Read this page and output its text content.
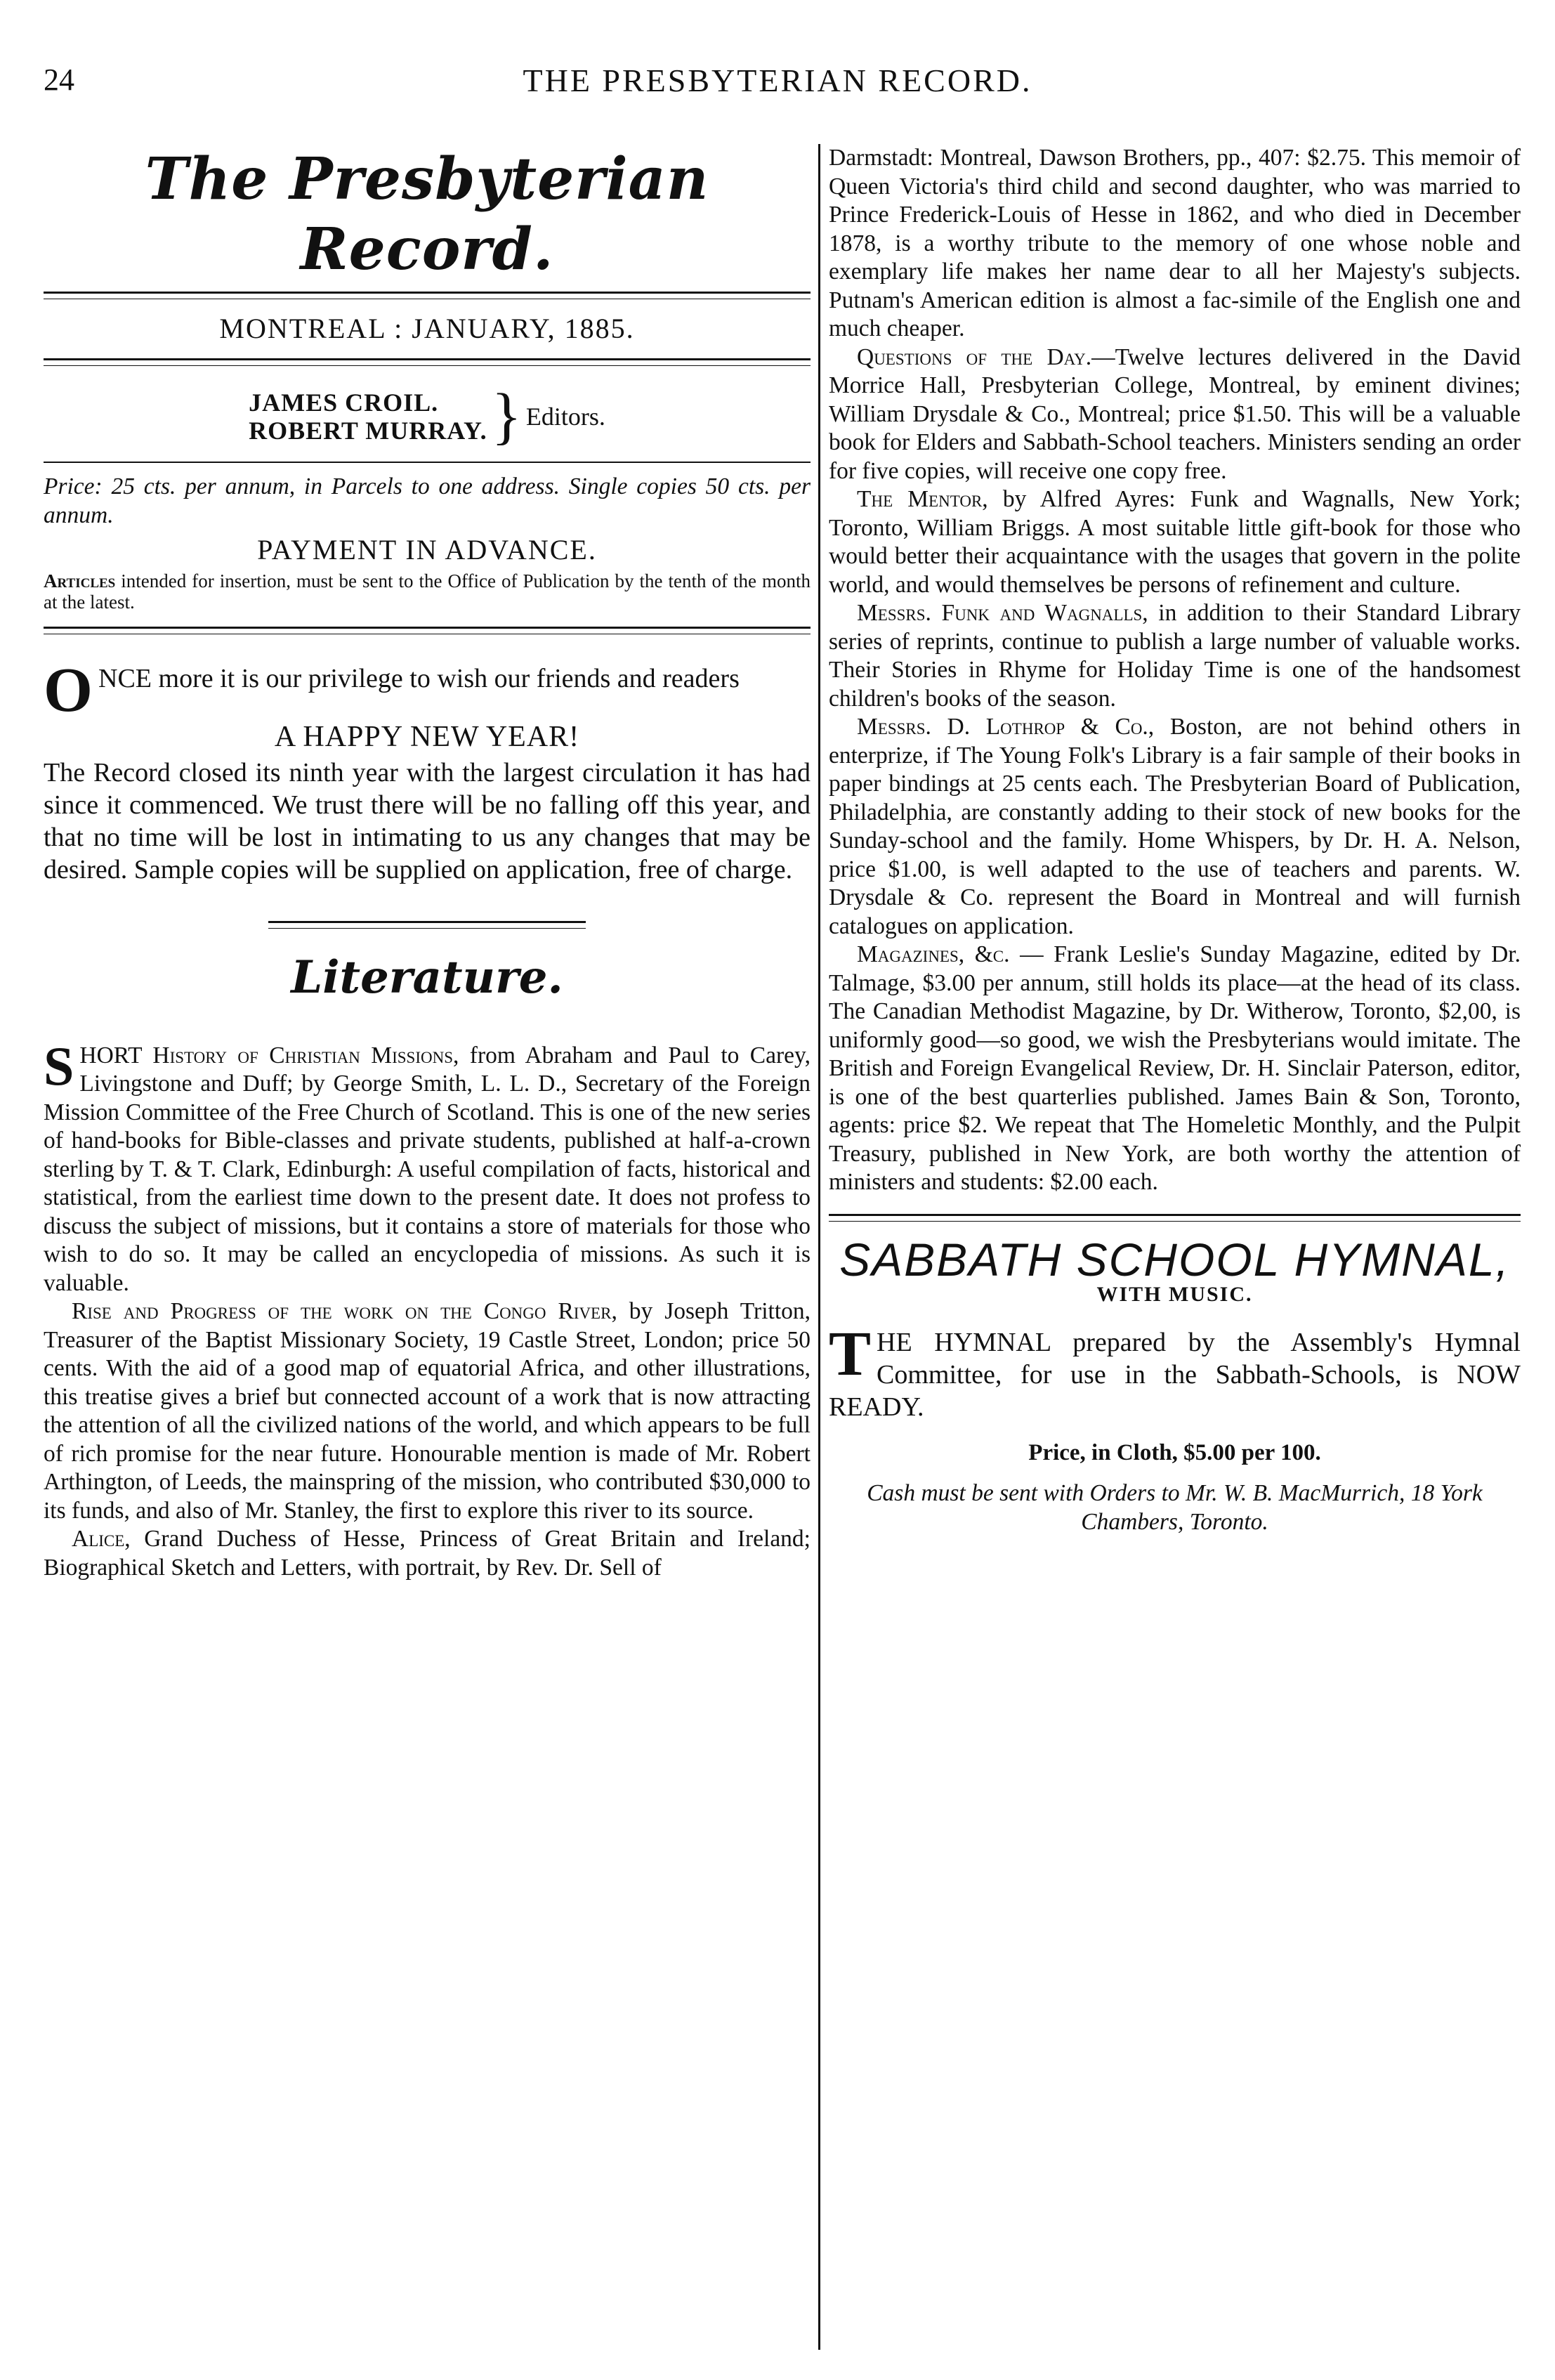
24	THE PRESBYTERIAN RECORD.
The Presbyterian Record.
MONTREAL : JANUARY, 1885.
JAMES CROIL.
ROBERT MURRAY. } Editors.

Price: 25 cts. per annum, in Parcels to one address. Single copies 50 cts. per annum.

PAYMENT IN ADVANCE.

Articles intended for insertion, must be sent to the Office of Publication by the tenth of the month at the latest.

ONCE more it is our privilege to wish our friends and readers

A HAPPY NEW YEAR!

The Record closed its ninth year with the largest circulation it has had since it commenced. We trust there will be no falling off this year, and that no time will be lost in intimating to us any changes that may be desired. Sample copies will be supplied on application, free of charge.

Literature.

SHORT History of Christian Missions, from Abraham and Paul to Carey, Livingstone and Duff; by George Smith, L. L. D., Secretary of the Foreign Mission Committee of the Free Church of Scotland. This is one of the new series of hand-books for Bible-classes and private students, published at half-a-crown sterling by T. & T. Clark, Edinburgh: A useful compilation of facts, historical and statistical, from the earliest time down to the present date. It does not profess to discuss the subject of missions, but it contains a store of materials for those who wish to do so. It may be called an encyclopedia of missions. As such it is valuable.

Rise and Progress of the work on the Congo River, by Joseph Tritton, Treasurer of the Baptist Missionary Society, 19 Castle Street, London; price 50 cents. With the aid of a good map of equatorial Africa, and other illustrations, this treatise gives a brief but connected account of a work that is now attracting the attention of all the civilized nations of the world, and which appears to be full of rich promise for the near future. Honourable mention is made of Mr. Robert Arthington, of Leeds, the mainspring of the mission, who contributed $30,000 to its funds, and also of Mr. Stanley, the first to explore this river to its source.

Alice, Grand Duchess of Hesse, Princess of Great Britain and Ireland; Biographical Sketch and Letters, with portrait, by Rev. Dr. Sell of

Darmstadt: Montreal, Dawson Brothers, pp., 407: $2.75. This memoir of Queen Victoria's third child and second daughter, who was married to Prince Frederick-Louis of Hesse in 1862, and who died in December 1878, is a worthy tribute to the memory of one whose noble and exemplary life makes her name dear to all her Majesty's subjects. Putnam's American edition is almost a fac-simile of the English one and much cheaper.

Questions of the Day.—Twelve lectures delivered in the David Morrice Hall, Presbyterian College, Montreal, by eminent divines; William Drysdale & Co., Montreal; price $1.50. This will be a valuable book for Elders and Sabbath-School teachers. Ministers sending an order for five copies, will receive one copy free.

The Mentor, by Alfred Ayres: Funk and Wagnalls, New York; Toronto, William Briggs. A most suitable little gift-book for those who would better their acquaintance with the usages that govern in the polite world, and would themselves be persons of refinement and culture.

Messrs. Funk and Wagnalls, in addition to their Standard Library series of reprints, continue to publish a large number of valuable works. Their Stories in Rhyme for Holiday Time is one of the handsomest children's books of the season.

Messrs. D. Lothrop & Co., Boston, are not behind others in enterprize, if The Young Folk's Library is a fair sample of their books in paper bindings at 25 cents each. The Presbyterian Board of Publication, Philadelphia, are constantly adding to their stock of new books for the Sunday-school and the family. Home Whispers, by Dr. H. A. Nelson, price $1.00, is well adapted to the use of teachers and parents. W. Drysdale & Co. represent the Board in Montreal and will furnish catalogues on application.

Magazines, &c. — Frank Leslie's Sunday Magazine, edited by Dr. Talmage, $3.00 per annum, still holds its place—at the head of its class. The Canadian Methodist Magazine, by Dr. Witherow, Toronto, $2,00, is uniformly good—so good, we wish the Presbyterians would imitate. The British and Foreign Evangelical Review, Dr. H. Sinclair Paterson, editor, is one of the best quarterlies published. James Bain & Son, Toronto, agents: price $2. We repeat that The Homeletic Monthly, and the Pulpit Treasury, published in New York, are both worthy the attention of ministers and students: $2.00 each.

SABBATH SCHOOL HYMNAL,
WITH MUSIC.

THE HYMNAL prepared by the Assembly's Hymnal Committee, for use in the Sabbath-Schools, is NOW READY.

Price, in Cloth, $5.00 per 100.

Cash must be sent with Orders to Mr. W. B. MacMurrich, 18 York Chambers, Toronto.
